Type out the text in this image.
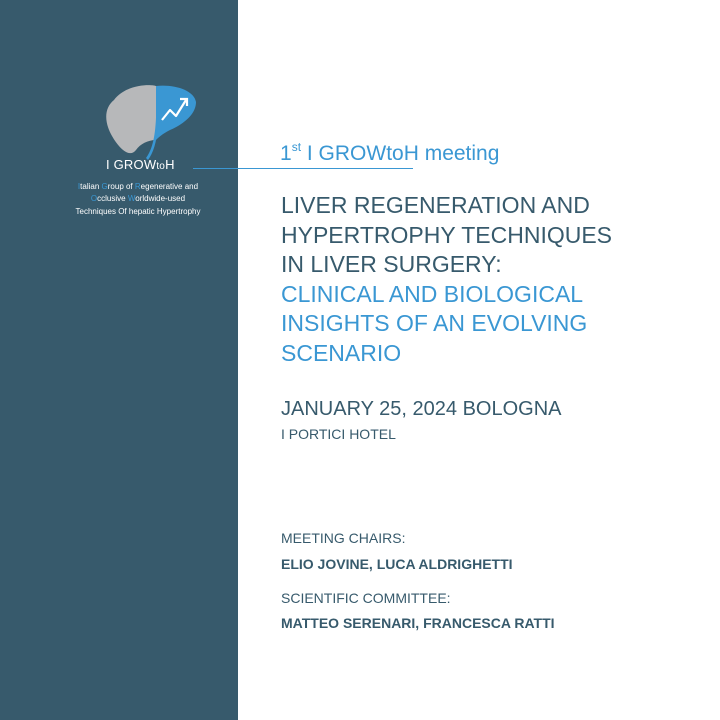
I GROWtoH
Italian Group of Regenerative and
Occlusive Worldwide-used
Techniques Of hepatic Hypertrophy
1st I GROWtoH meeting
LIVER REGENERATION AND
HYPERTROPHY TECHNIQUES
IN LIVER SURGERY:
CLINICAL AND BIOLOGICAL
INSIGHTS OF AN EVOLVING
SCENARIO
JANUARY 25, 2024 BOLOGNA
I PORTICI HOTEL
MEETING CHAIRS:
ELIO JOVINE, LUCA ALDRIGHETTI
SCIENTIFIC COMMITTEE:
MATTEO SERENARI, FRANCESCA RATTI
